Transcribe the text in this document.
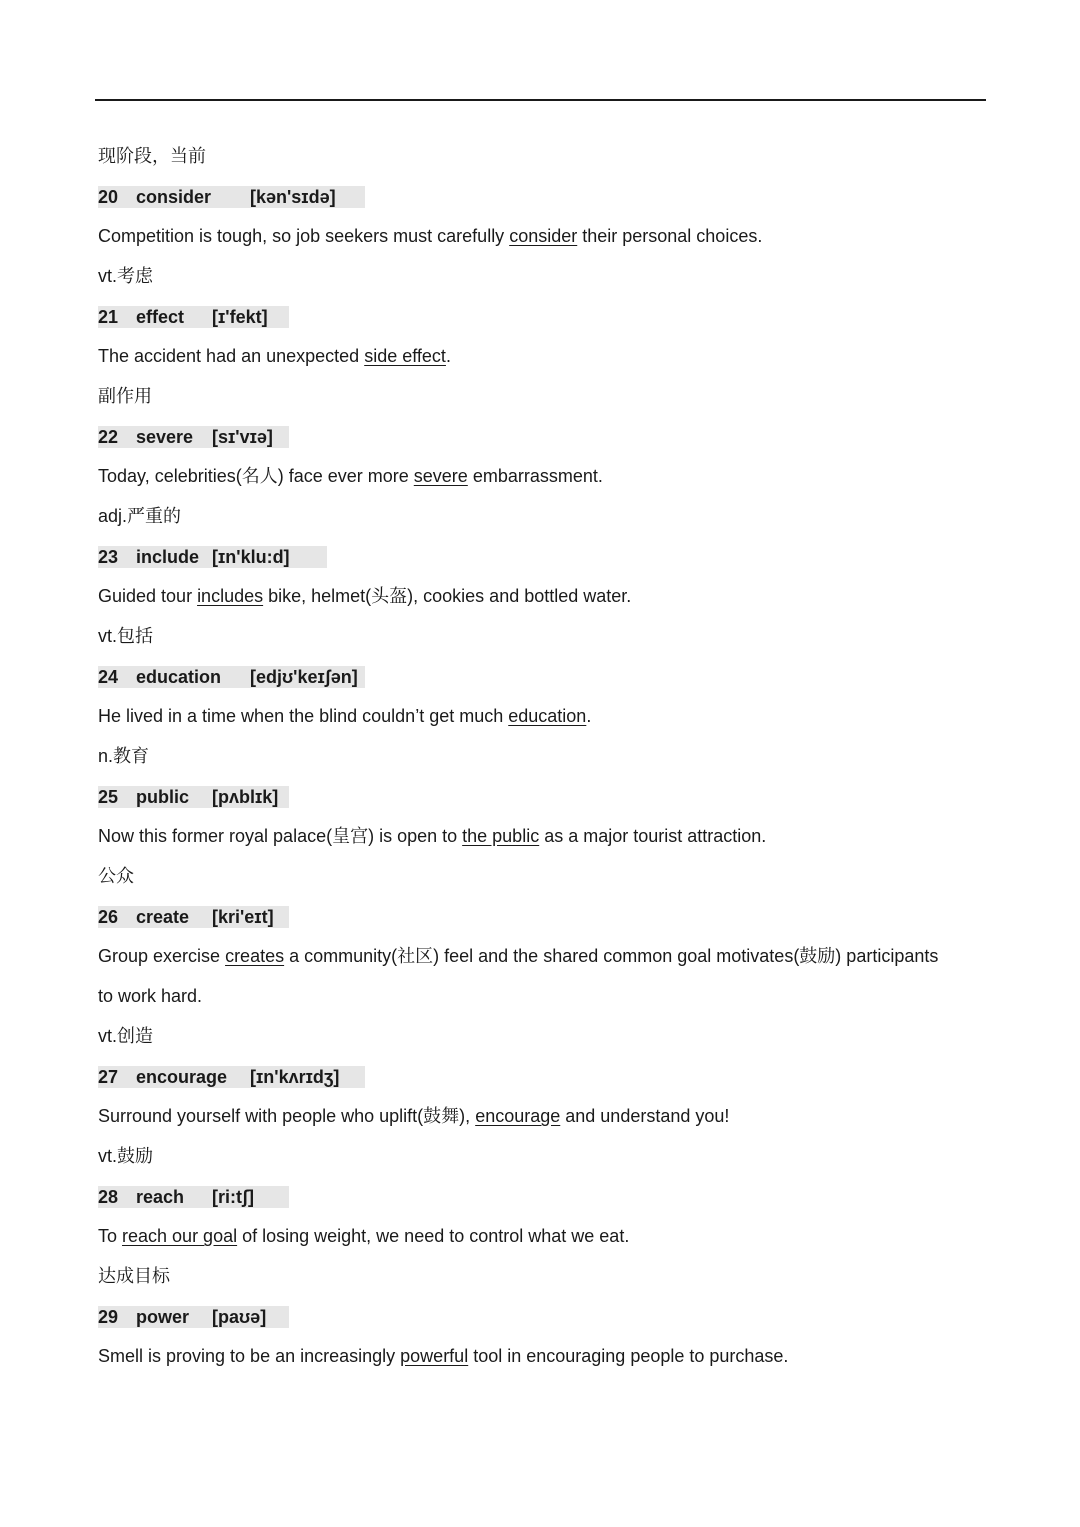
现阶段，当前
20 consider [kən'sɪdə]
Competition is tough, so job seekers must carefully consider their personal choices.
vt.考虑
21 effect [ɪ'fekt]
The accident had an unexpected side effect.
副作用
22 severe [sɪ'vɪə]
Today, celebrities(名人) face ever more severe embarrassment.
adj.严重的
23 include [ɪn'klu:d]
Guided tour includes bike, helmet(头盔), cookies and bottled water.
vt.包括
24 education [edjʊ'keɪʃən]
He lived in a time when the blind couldn’t get much education.
n.教育
25 public [pʌblɪk]
Now this former royal palace(皇宫) is open to the public as a major tourist attraction.
公众
26 create [kri'eɪt]
Group exercise creates a community(社区) feel and the shared common goal motivates(鼓励) participants
to work hard.
vt.创造
27 encourage [ɪn'kʌrɪdʒ]
Surround yourself with people who uplift(鼓舞), encourage and understand you!
vt.鼓励
28 reach [ri:tʃ]
To reach our goal of losing weight, we need to control what we eat.
达成目标
29 power [paʊə]
Smell is proving to be an increasingly powerful tool in encouraging people to purchase.
